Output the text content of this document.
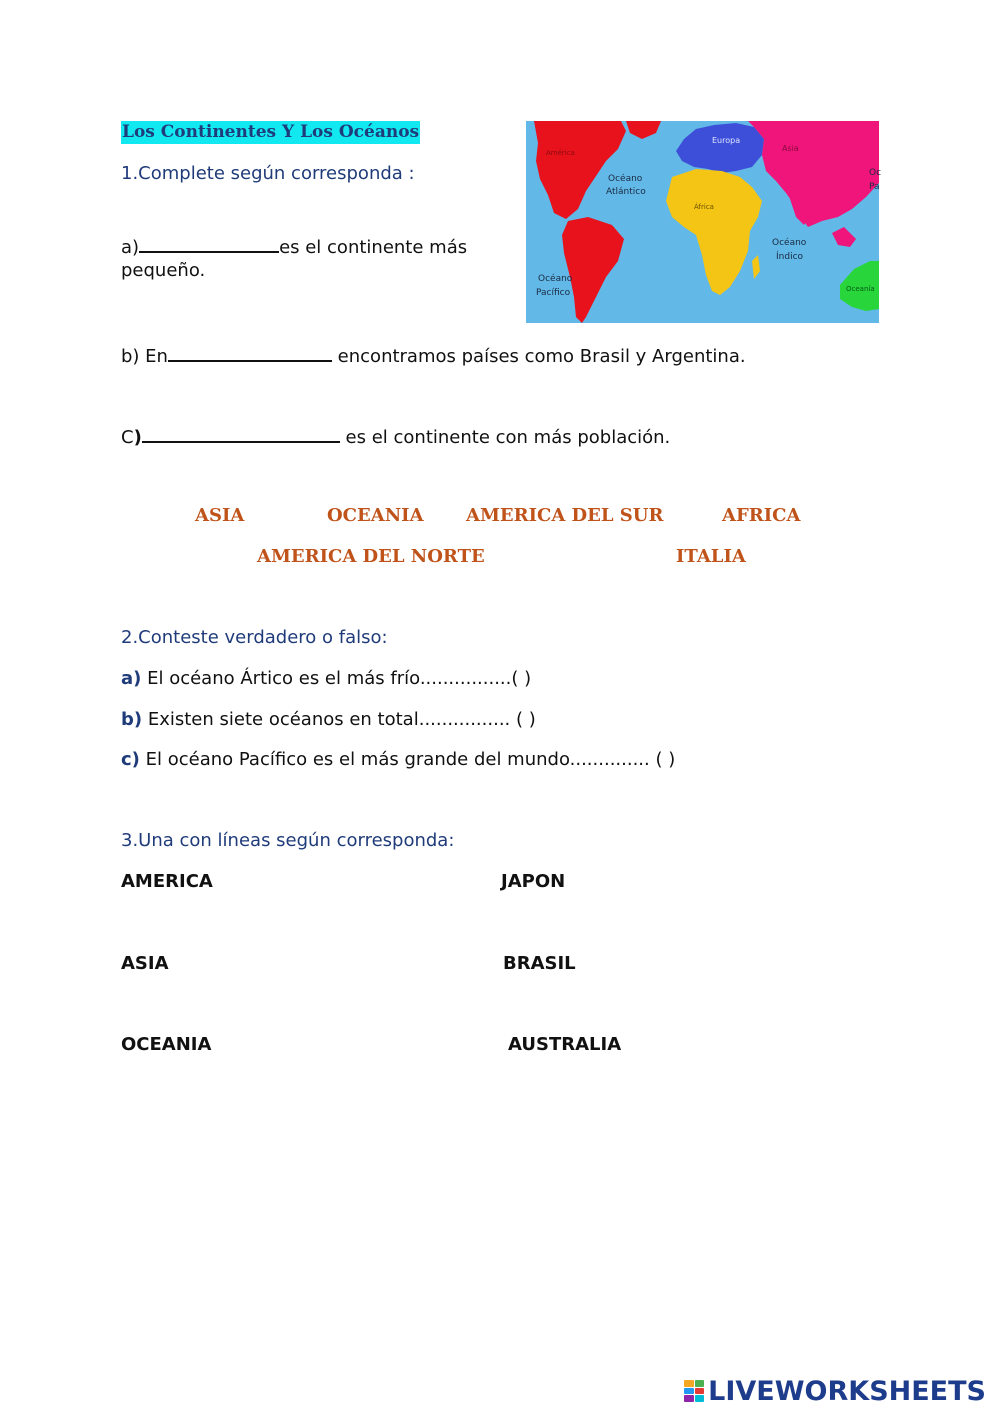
Los Continentes Y Los Océanos
1.Complete según corresponda :
a)	es el continente más
pequeño.
América
Europa
Asia
Oc
Pa
Océano
Atlántico
África
Océano
Índico
Océano
Pacífico	Oceanía
b) En	encontramos países como Brasil y Argentina.
C)	es el continente con más población.
ASIA	OCEANIA AMERICA DEL SUR	AFRICA
AMERICA DEL NORTE	ITALIA
2.Conteste verdadero o falso:
a) El océano Ártico es el más frío................( )
b) Existen siete océanos en total................ ( )
c) El océano Pacífico es el más grande del mundo.............. ( )
3.Una con líneas según corresponda:
AMERICA	JAPON
ASIA	BRASIL
OCEANIA	AUSTRALIA
LIVEWORKSHEETS
